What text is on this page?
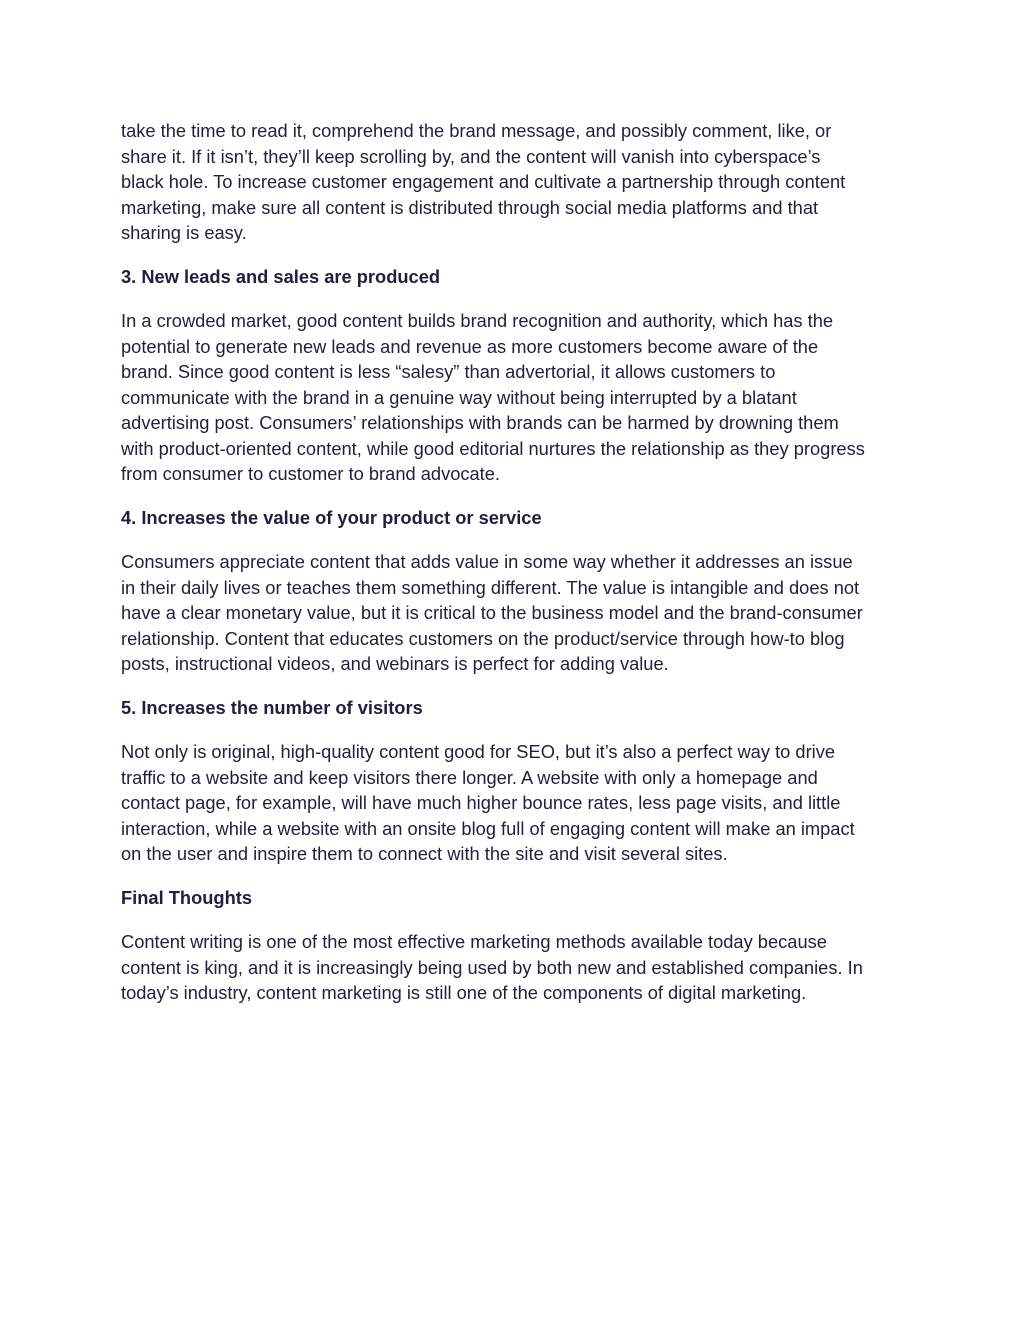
take the time to read it, comprehend the brand message, and possibly comment, like, or
share it. If it isn’t, they’ll keep scrolling by, and the content will vanish into cyberspace’s
black hole. To increase customer engagement and cultivate a partnership through content
marketing, make sure all content is distributed through social media platforms and that
sharing is easy.
3. New leads and sales are produced
In a crowded market, good content builds brand recognition and authority, which has the
potential to generate new leads and revenue as more customers become aware of the
brand. Since good content is less “salesy” than advertorial, it allows customers to
communicate with the brand in a genuine way without being interrupted by a blatant
advertising post. Consumers’ relationships with brands can be harmed by drowning them
with product-oriented content, while good editorial nurtures the relationship as they progress
from consumer to customer to brand advocate.
4. Increases the value of your product or service
Consumers appreciate content that adds value in some way whether it addresses an issue
in their daily lives or teaches them something different. The value is intangible and does not
have a clear monetary value, but it is critical to the business model and the brand-consumer
relationship. Content that educates customers on the product/service through how-to blog
posts, instructional videos, and webinars is perfect for adding value.
5. Increases the number of visitors
Not only is original, high-quality content good for SEO, but it’s also a perfect way to drive
traffic to a website and keep visitors there longer. A website with only a homepage and
contact page, for example, will have much higher bounce rates, less page visits, and little
interaction, while a website with an onsite blog full of engaging content will make an impact
on the user and inspire them to connect with the site and visit several sites.
Final Thoughts
Content writing is one of the most effective marketing methods available today because
content is king, and it is increasingly being used by both new and established companies. In
today’s industry, content marketing is still one of the components of digital marketing.
